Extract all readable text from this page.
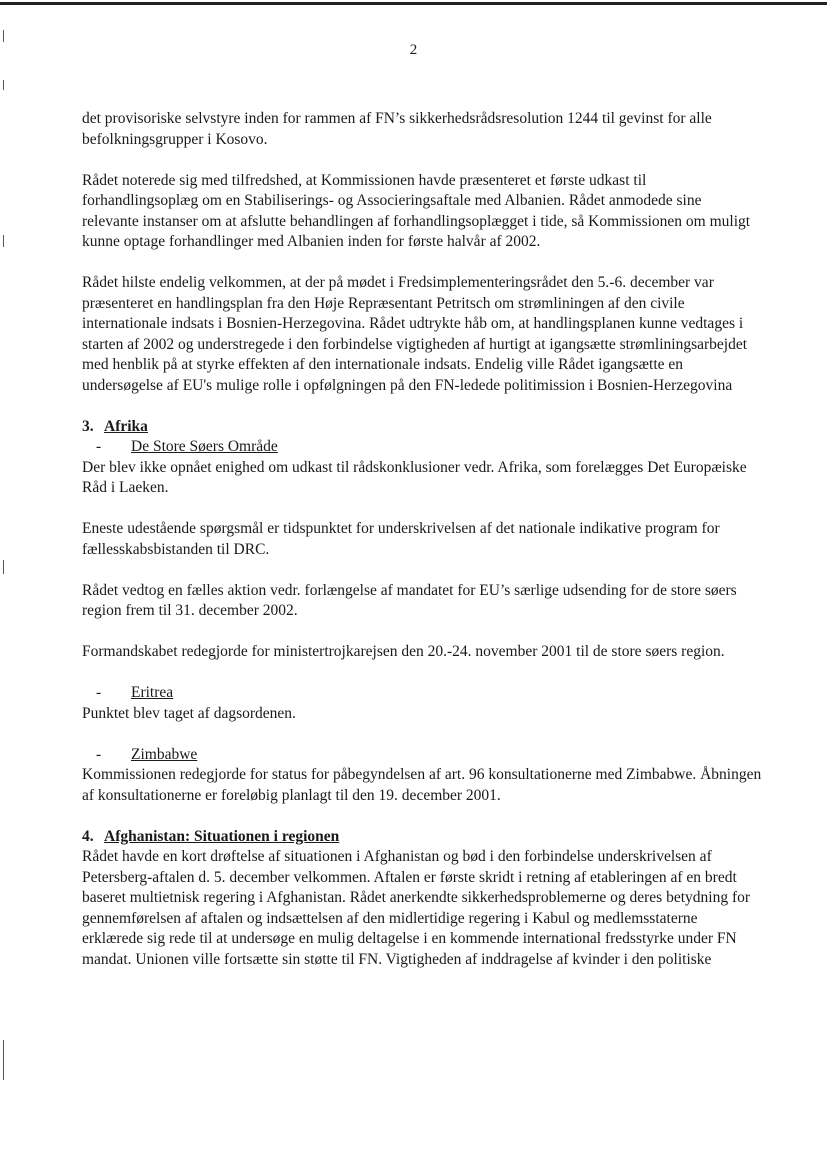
2

det provisoriske selvstyre inden for rammen af FN’s sikkerhedsrådsresolution 1244 til gevinst for alle befolkningsgrupper i Kosovo.

Rådet noterede sig med tilfredshed, at Kommissionen havde præsenteret et første udkast til forhandlingsoplæg om en Stabiliserings- og Associeringsaftale med Albanien. Rådet anmodede sine relevante instanser om at afslutte behandlingen af forhandlingsoplægget i tide, så Kommissionen om muligt kunne optage forhandlinger med Albanien inden for første halvår af 2002.

Rådet hilste endelig velkommen, at der på mødet i Fredsimplementeringsrådet den 5.-6. december var præsenteret en handlingsplan fra den Høje Repræsentant Petritsch om strømliningen af den civile internationale indsats i Bosnien-Herzegovina. Rådet udtrykte håb om, at handlingsplanen kunne vedtages i starten af 2002 og understregede i den forbindelse vigtigheden af hurtigt at igangsætte strømliningsarbejdet med henblik på at styrke effekten af den internationale indsats. Endelig ville Rådet igangsætte en undersøgelse af EU's mulige rolle i opfølgningen på den FN-ledede politimission i Bosnien-Herzegovina

3. Afrika
- De Store Søers Område

Der blev ikke opnået enighed om udkast til rådskonklusioner vedr. Afrika, som forelægges Det Europæiske Råd i Laeken.

Eneste udestående spørgsmål er tidspunktet for underskrivelsen af det nationale indikative program for fællesskabsbistanden til DRC.

Rådet vedtog en fælles aktion vedr. forlængelse af mandatet for EU’s særlige udsending for de store søers region frem til 31. december 2002.

Formandskabet redegjorde for ministertrojkarejsen den 20.-24. november 2001 til de store søers region.

- Eritrea

Punktet blev taget af dagsordenen.

- Zimbabwe

Kommissionen redegjorde for status for påbegyndelsen af art. 96 konsultationerne med Zimbabwe. Åbningen af konsultationerne er foreløbig planlagt til den 19. december 2001.

4. Afghanistan: Situationen i regionen

Rådet havde en kort drøftelse af situationen i Afghanistan og bød i den forbindelse underskrivelsen af Petersberg-aftalen d. 5. december velkommen. Aftalen er første skridt i retning af etableringen af en bredt baseret multietnisk regering i Afghanistan. Rådet anerkendte sikkerhedsproblemerne og deres betydning for gennemførelsen af aftalen og indsættelsen af den midlertidige regering i Kabul og medlemsstaterne erklærede sig rede til at undersøge en mulig deltagelse i en kommende international fredsstyrke under FN mandat. Unionen ville fortsætte sin støtte til FN. Vigtigheden af inddragelse af kvinder i den politiske
